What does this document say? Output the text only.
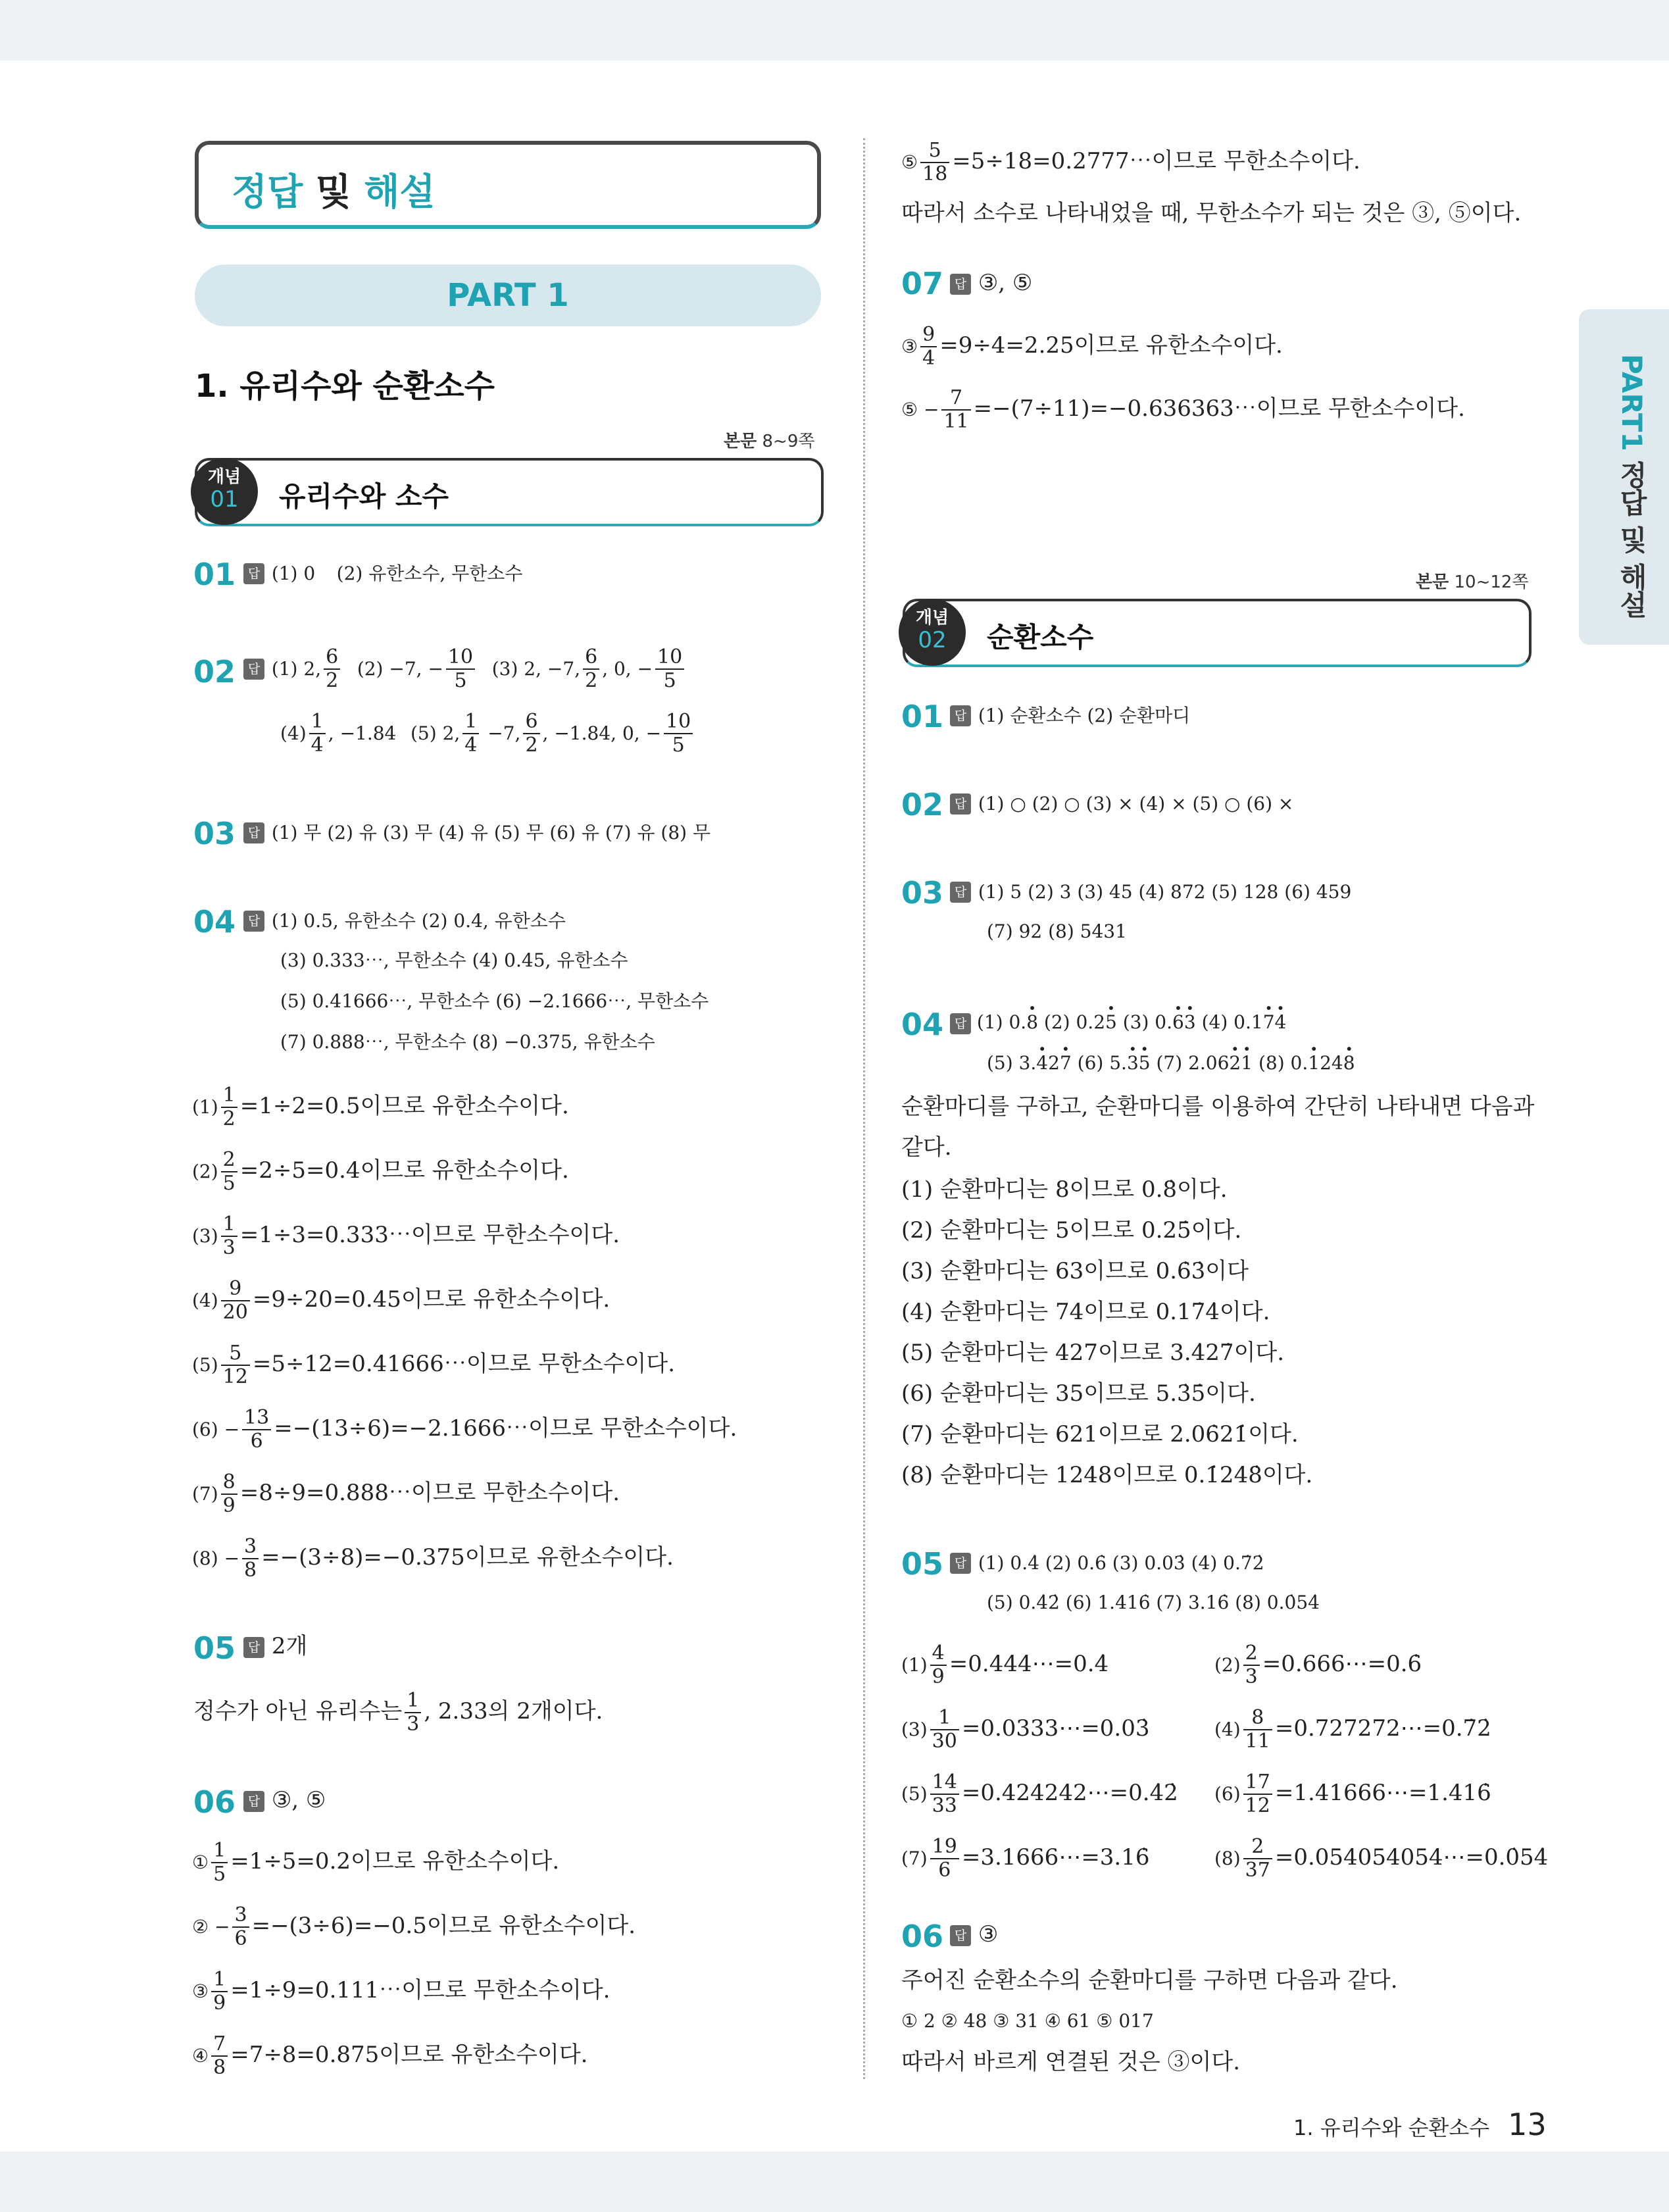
정답 및 해설
PART 1
1. 유리수와 순환소수
본문 8~9쪽
개념
01	유리수와 소수
01 답 (1) 0 (2) 유한소수, 무한소수
02 답 (1) 2, $\frac{6}{2} (2) -7$, − $\frac{10}{5} (3)$ 2, −7, $\frac{6}{2}$ , 0, − $\frac{10}{5}$
$(4) \frac{1}{4}$ , −1.84 (5) 2, $\frac{1}{4} -7$, $\frac{6}{2}$ , −1.84, 0, − $\frac{10}{5}$
03 답 (1) 무 (2) 유 (3) 무 (4) 유 (5) 무 (6) 유 (7) 유 (8) 무
04 답 (1) 0.5, 유한소수 (2) 0.4, 유한소수
(3) 0.333⋯, 무한소수 (4) 0.45, 유한소수
(5) 0.41666⋯, 무한소수 (6) −2.1666⋯, 무한소수
(7) 0.888⋯, 무한소수 (8) −0.375, 유한소수
$(1) \frac{1}{2} =1\div 2=0.5$이므로 유한소수이다.
$(2) \frac{2}{5} =2\div 5=0.4$이므로 유한소수이다.
$(3) \frac{1}{3}$ =1÷3=0.333⋯이므로 무한소수이다.
$(4) \frac{9}{20} =9\div 20=0.45$이므로 유한소수이다.
$(5) \frac{5}{12}$ =5÷12=0.41666⋯이므로 무한소수이다.
$(6) - \frac{13}{6}$ =−(13÷6)=−2.1666⋯이므로 무한소수이다.
$(7) \frac{8}{9}$ =8÷9=0.888⋯이므로 무한소수이다.
$(8) - \frac{3}{8} =-(3\div 8)=-0.375$이므로 유한소수이다.
05 답 2개
정수가 아닌 유리수는 $\frac{1}{3}$ , 2.33의 2개이다.
06 답 ③, ⑤
① $\frac{1}{5} =1\div 5=0.2$이므로 유한소수이다.
② − $\frac{3}{6} =-(3\div 6)=-0.5$이므로 유한소수이다.
③ $\frac{1}{9}$ =1÷9=0.111⋯이므로 무한소수이다.
④ $\frac{7}{8} =7\div 8=0.875$이므로 유한소수이다.
⑤ $\frac{5}{18}$ =5÷18=0.2777⋯이므로 무한소수이다.
따라서 소수로 나타내었을 때, 무한소수가 되는 것은 ③, ⑤이다.
07 답 ③, ⑤
③ $\frac{9}{4} =9\div 4=2.25$이므로 유한소수이다.
⑤ − $\frac{7}{11}$ =−(7÷11)=−0.636363⋯이므로 무한소수이다.
본문 10~12쪽
개념
02	순환소수
01 답 (1) 순환소수 (2) 순환마디
02 답 (1) ○ (2) ○ (3) × (4) × (5) ○ (6) ×
03 답 (1) 5 (2) 3 (3) 45 (4) 872 (5) 128 (6) 459
(7) 92 (8) 5431
04 답 (1) 0.8 · (2) 0.25 · (3) 0.6 ·3 · (4) 0.17 ·4 ·
(5) 3.4 ·27 · (6) 5.3 ·5 · (7) 2.062 ·1 · (8) 0.1 ·248 ·
순환마디를 구하고, 순환마디를 이용하여 간단히 나타내면 다음과
같다.
(1) 순환마디는 8이므로 0.8̇이다.
(2) 순환마디는 5이므로 0.25̇이다.
(3) 순환마디는 63이므로 0.6̇3̇이다
(4) 순환마디는 74이므로 0.17̇4̇이다.
(5) 순환마디는 427이므로 3.4̇27̇이다.
(6) 순환마디는 35이므로 5.3̇5̇이다.
(7) 순환마디는 621이므로 2.06̇21̇이다.
(8) 순환마디는 1248이므로 0.1̇248̇이다.
05 답 (1) 0.4̇ (2) 0.6̇ (3) 0.03̇ (4) 0.7̇2̇
(5) 0.4̇2̇ (6) 1.416̇ (7) 3.16̇ (8) 0.0̇54̇
$(1) \frac{4}{9}$ =0.444⋯=0.4̇	$(2) \frac{2}{3}$ =0.666⋯=0.6̇
$(3) \frac{1}{30}$ =0.0333⋯=0.03̇	$(4) \frac{8}{11}$ =0.727272⋯=0.7̇2̇
$(5) \frac{14}{33}$ =0.424242⋯=0.4̇2̇ $(6) \frac{17}{12}$ =1.41666⋯=1.416̇
$(7) \frac{19}{6}$ =3.1666⋯=3.16̇	$(8) \frac{2}{37}$ =0.054054054⋯=0.0̇54̇
06 답 ③
주어진 순환소수의 순환마디를 구하면 다음과 같다.
① 2 ② 48 ③ 31 ④ 61 ⑤ 017
따라서 바르게 연결된 것은 ③이다.
PART1 정답 및 해설
1. 유리수와 순환소수 13
